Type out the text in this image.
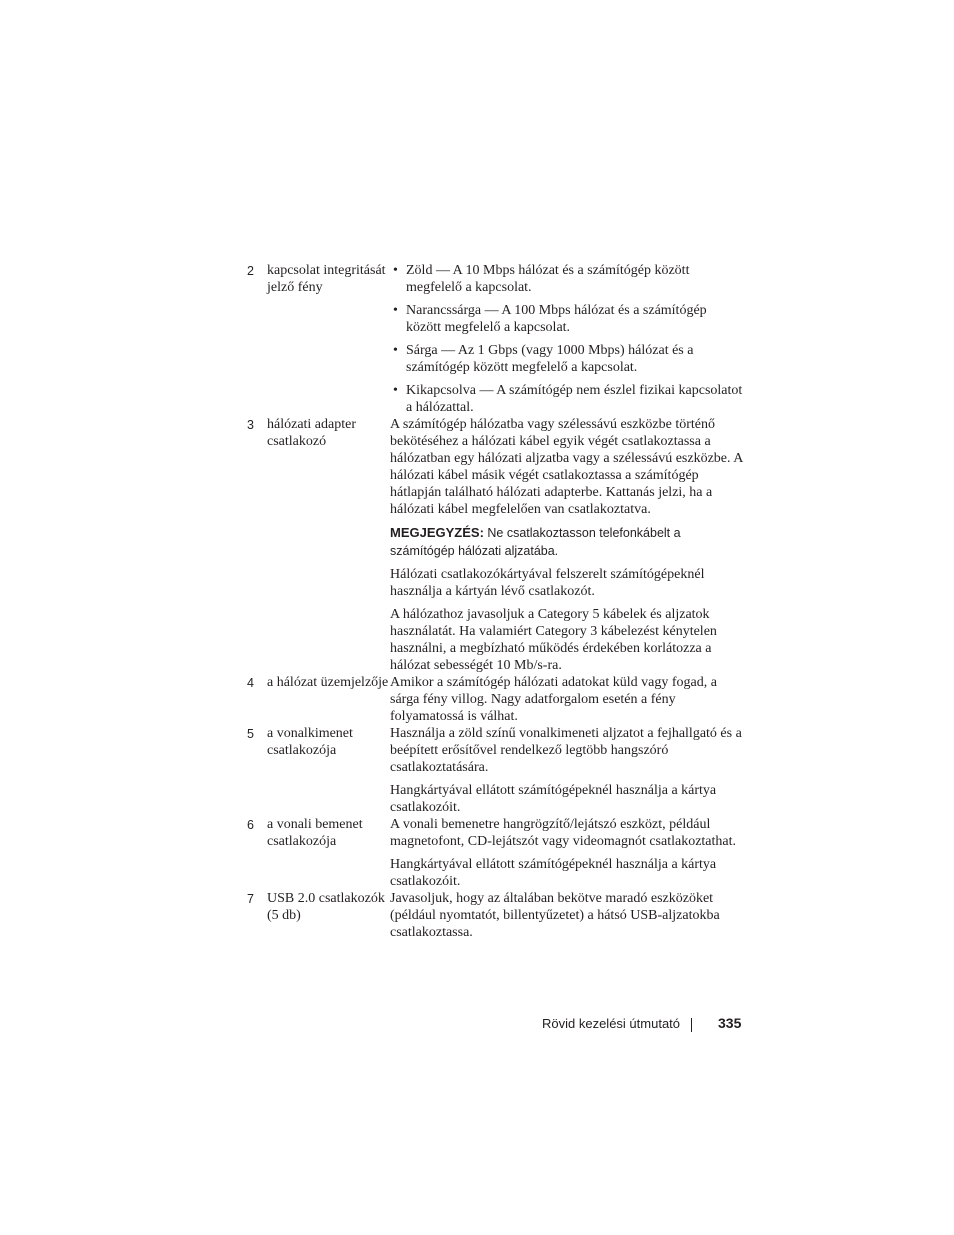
2 kapcsolat integritását jelző fény
• Zöld — A 10 Mbps hálózat és a számítógép között megfelelő a kapcsolat.
• Narancssárga — A 100 Mbps hálózat és a számítógép között megfelelő a kapcsolat.
• Sárga — Az 1 Gbps (vagy 1000 Mbps) hálózat és a számítógép között megfelelő a kapcsolat.
• Kikapcsolva — A számítógép nem észlel fizikai kapcsolatot a hálózattal.
3 hálózati adapter csatlakozó

A számítógép hálózatba vagy szélessávú eszközbe történő bekötéséhez a hálózati kábel egyik végét csatlakoztassa a hálózatban egy hálózati aljzatba vagy a szélessávú eszközbe. A hálózati kábel másik végét csatlakoztassa a számítógép hátlapján található hálózati adapterbe. Kattanás jelzi, ha a hálózati kábel megfelelően van csatlakoztatva.

MEGJEGYZÉS: Ne csatlakoztasson telefonkábelt a számítógép hálózati aljzatába.

Hálózati csatlakozókártyával felszerelt számítógépeknél használja a kártyán lévő csatlakozót.

A hálózathoz javasoljuk a Category 5 kábelek és aljzatok használatát. Ha valamiért Category 3 kábelezést kénytelen használni, a megbízható működés érdekében korlátozza a hálózat sebességét 10 Mb/s-ra.

4 a hálózat üzemjelzője Amikor a számítógép hálózati adatokat küld vagy fogad, a sárga fény villog. Nagy adatforgalom esetén a fény folyamatossá is válhat.

5 a vonalkimenet csatlakozója

Használja a zöld színű vonalkimeneti aljzatot a fejhallgató és a beépített erősítővel rendelkező legtöbb hangszóró csatlakoztatására.

Hangkártyával ellátott számítógépeknél használja a kártya csatlakozóit.

6 a vonali bemenet csatlakozója

A vonali bemenetre hangrögzítő/lejátszó eszközt, például magnetofont, CD-lejátszót vagy videomagnót csatlakoztathat.

Hangkártyával ellátott számítógépeknél használja a kártya csatlakozóit.

7 USB 2.0 csatlakozók (5 db)

Javasoljuk, hogy az általában bekötve maradó eszközöket (például nyomtatót, billentyűzetet) a hátsó USB-aljzatokba csatlakoztassa.

Rövid kezelési útmutató	335
